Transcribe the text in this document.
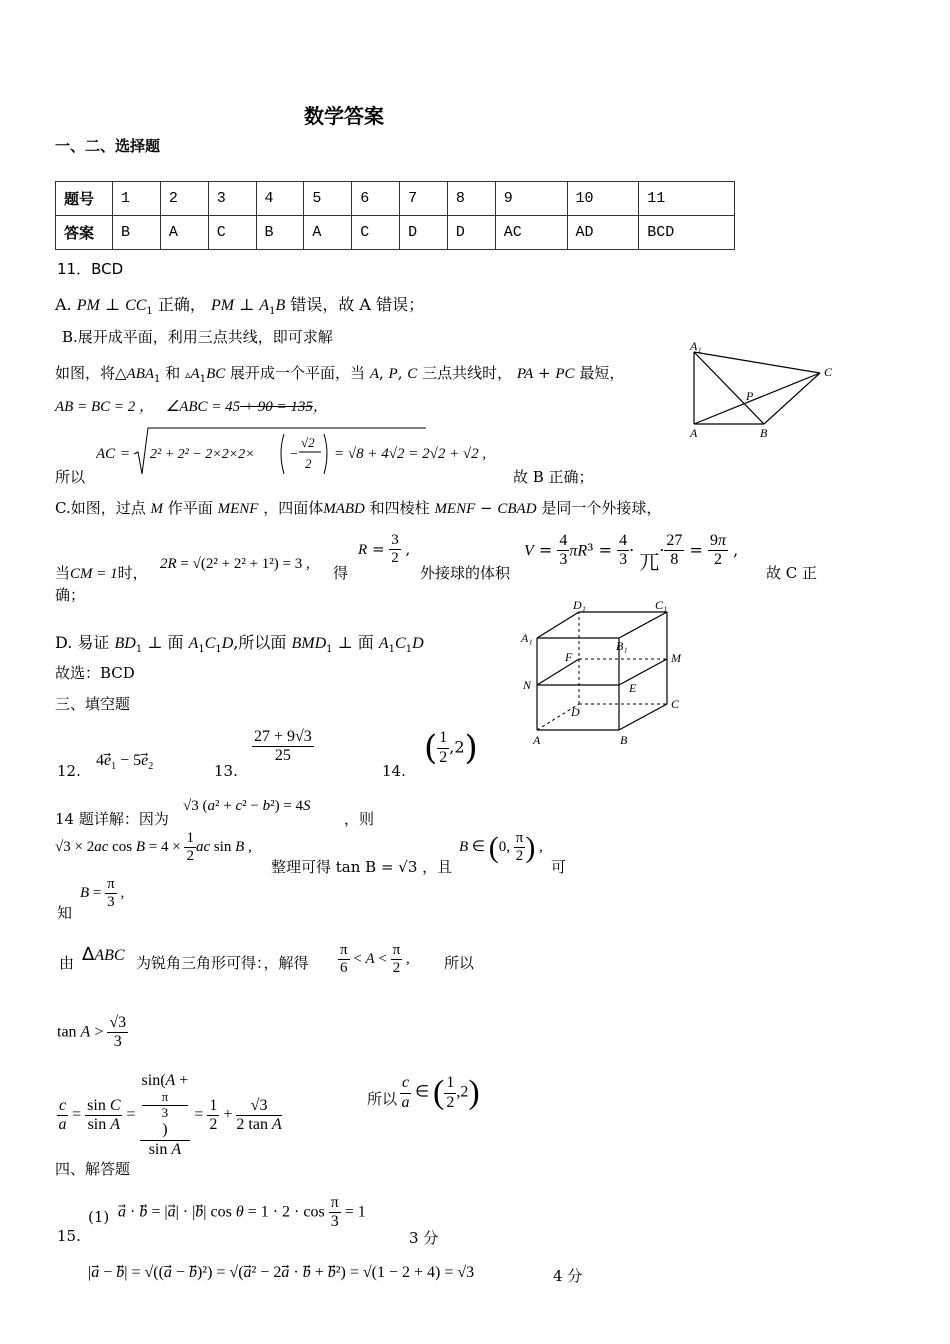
数学答案
一、二、选择题
题号	1	2	3	4	5	6	7	8	9	10	11
答案	B	A	C	B	A	C	D	D	AC	AD	BCD
11．BCD
A. PM ⊥ $CC_1$ 正确， PM ⊥ $A_1B$ 错误，故 A 错误；
B.展开成平面，利用三点共线，即可求解
如图，将$\triangle ABA_1$ 和 $▵A_1BC$ 展开成一个平面，当 A, P, C 三点共线时， PA + PC 最短，
AB = BC = 2 ， ∠ABC = 45 + 90 = 135，
所以
AC = 2² + 2² − 2×2×2× −
√2
2
= √8 + 4√2 = 2√2 + √2 ,
故 B 正确；
A₁
C
P
A	B
C.如图，过点 M 作平面 MENF ，四面体MABD 和四棱柱 MENF − CBAD 是同一个外接球，
当CM = 1时， 2R = √(2² + 2² + 1²) = 3 , 得
$R = \frac{3}{2}$ ,
外接球的体积
$V = \frac{4}{3} \pi R^3 = \frac{4}{3}$ · 兀· $\frac{27}{8} = \frac{9\pi}{2}$ ,
故 C 正
确；
D₁	C₁
A₁
B₁
F	M
N	E
D
C
A	B
D. 易证 $BD_1$ ⊥ 面 $A_1C_1D$,所以面 $BMD_1$ ⊥ 面 $A_1C_1D$
故选：BCD
三、填空题
12.
$4e_1 - 5e_2$	13.
$\frac{27 + 9√3}{25}$
14.
( $\frac{1}{2} ,2$)
14 题详解：因为
√3 (a² + c² − b²) = 4S
，则
√3 × 2ac $\cos B = 4 \times \frac{1}{2}$ ac sin B ,
整理可得 tan B = √3 ，且
B ∈ (0, $\frac{\pi}{2}$ ) ,
可
知
$B = \frac{\pi}{3}$ ,
由 ΔABC 为锐角三角形可得：，解得 $\frac{\pi}{6} < A < \frac{\pi}{2}$ , 所以
$\tan A > \frac{√3}{3}$
$\frac{c}{a} = \frac{\text{sin C}}{\text{sin A}} = \sin(A$ +
π
3
)
$\sin A = \frac{1}{2} + \frac{√3}{\text{2 tan A}}$	所以 $\frac{c}{a}$ ∈ ( $\frac{1}{2} ,2$)
四、解答题
15.
(1) a⃗ · b⃗ = |a⃗| · |b⃗| $\cos \theta = 1 \cdot 2 \cdot \cos \frac{\pi}{3} = 1$
3 分
|a⃗ − b⃗| = √((a⃗ − b⃗)²) = √(a⃗² − 2a⃗ · b⃗ + b⃗²) = √(1 − 2 + 4) = √3	4 分
